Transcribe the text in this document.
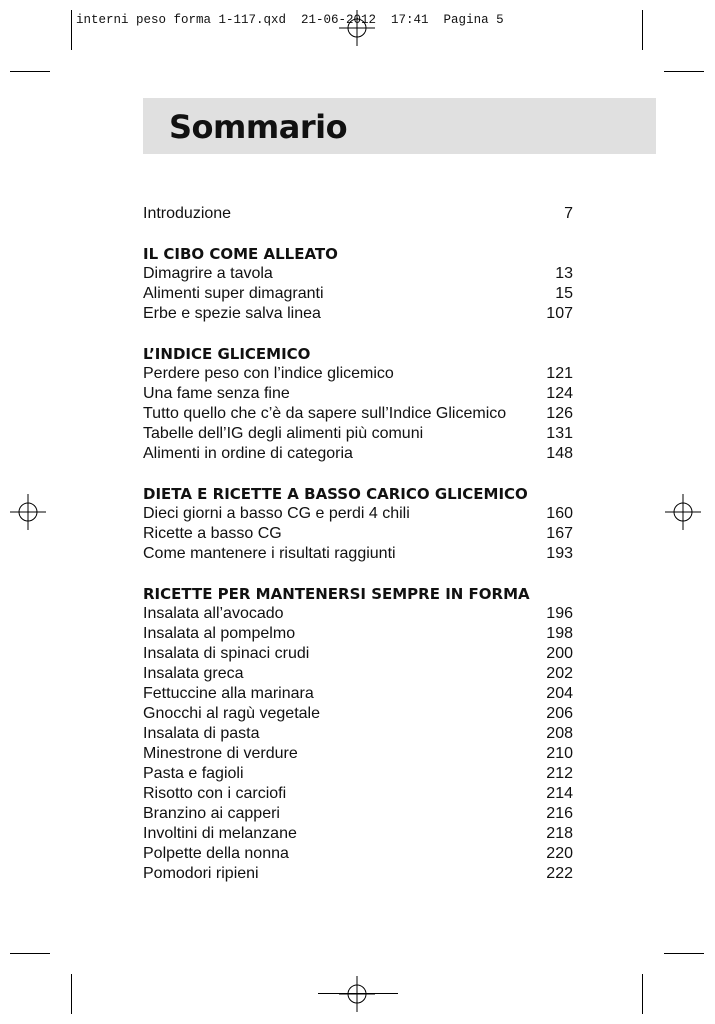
interni peso forma 1-117.qxd  21-06-2012  17:41  Pagina 5
Sommario
Introduzione	7
IL CIBO COME ALLEATO
Dimagrire a tavola	13
Alimenti super dimagranti	15
Erbe e spezie salva linea	107
L’INDICE GLICEMICO
Perdere peso con l’indice glicemico	121
Una fame senza fine	124
Tutto quello che c’è da sapere sull’Indice Glicemico	126
Tabelle dell’IG degli alimenti più comuni	131
Alimenti in ordine di categoria	148
DIETA E RICETTE A BASSO CARICO GLICEMICO
Dieci giorni a basso CG e perdi 4 chili	160
Ricette a basso CG	167
Come mantenere i risultati raggiunti	193
RICETTE PER MANTENERSI SEMPRE IN FORMA
Insalata all’avocado	196
Insalata al pompelmo	198
Insalata di spinaci crudi	200
Insalata greca	202
Fettuccine alla marinara	204
Gnocchi al ragù vegetale	206
Insalata di pasta	208
Minestrone di verdure	210
Pasta e fagioli	212
Risotto con i carciofi	214
Branzino ai capperi	216
Involtini di melanzane	218
Polpette della nonna	220
Pomodori ripieni	222
